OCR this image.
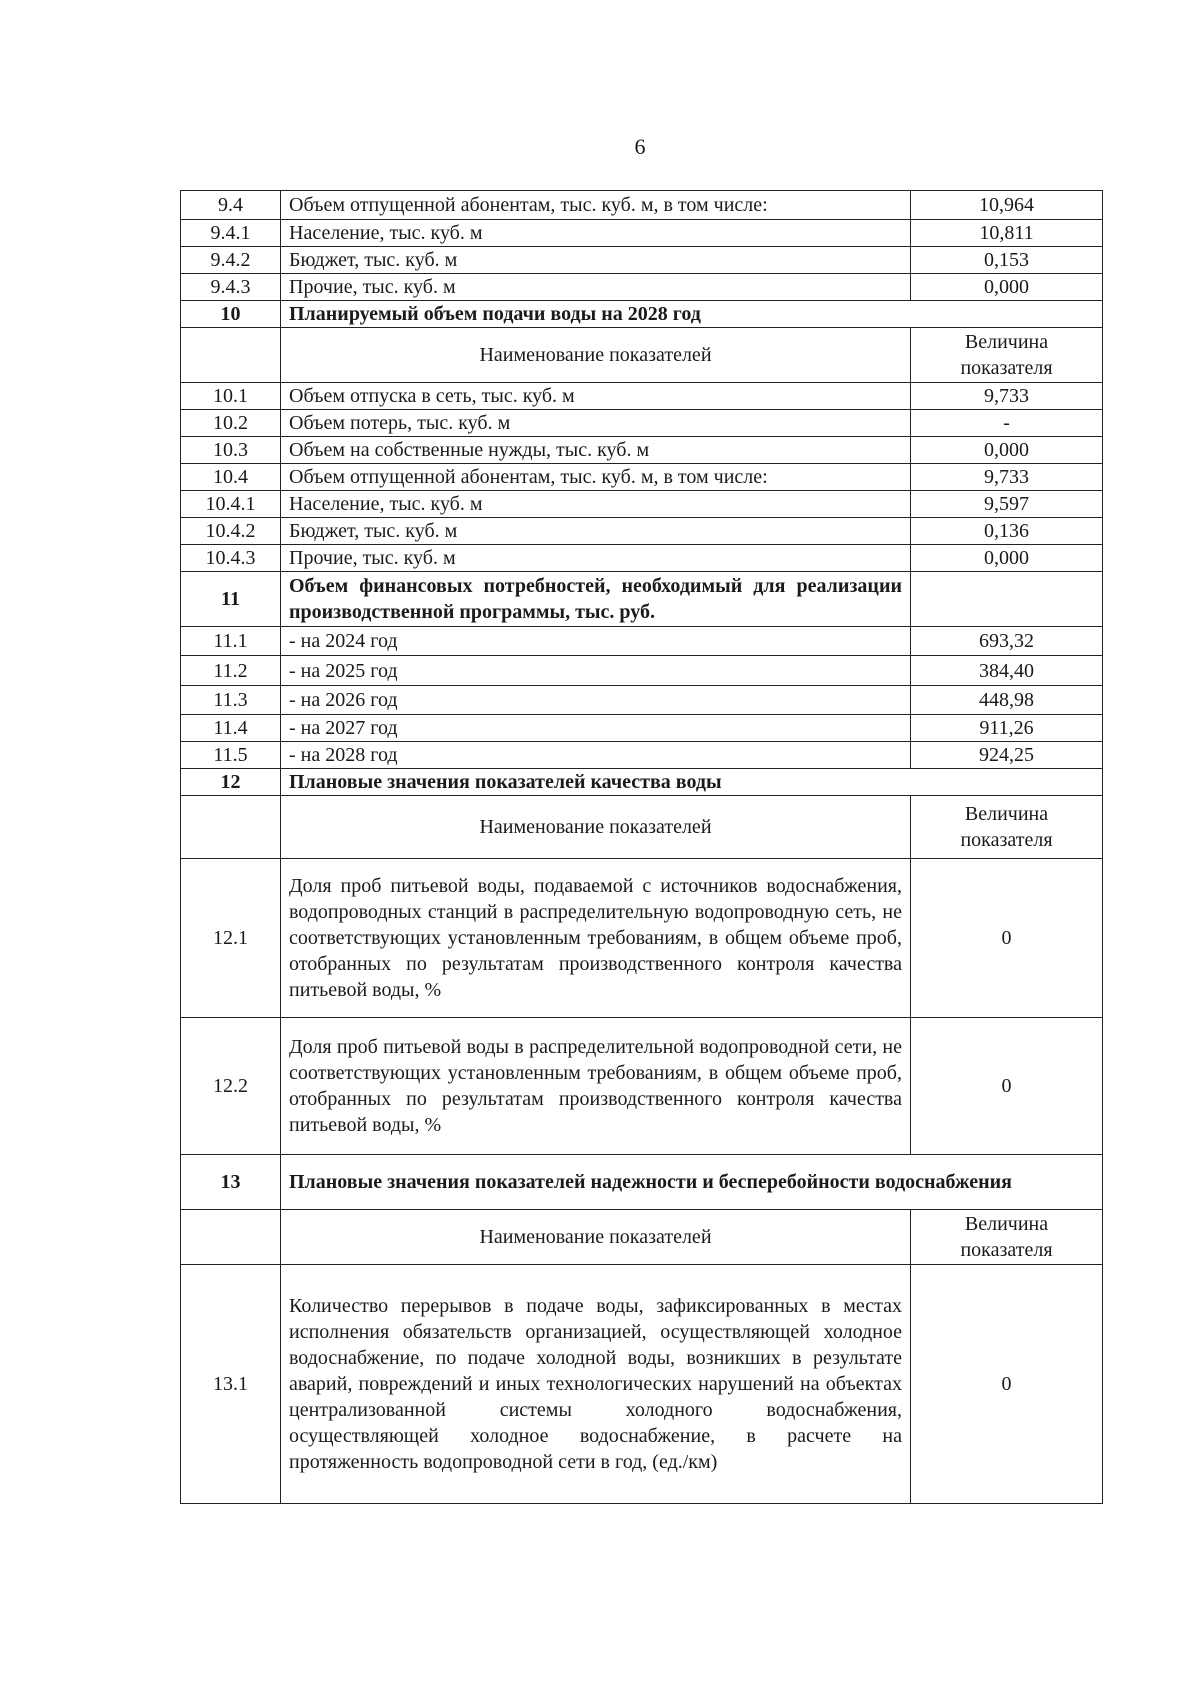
6
9.4	Объем отпущенной абонентам, тыс. куб. м, в том числе:	10,964
9.4.1	Население, тыс. куб. м	10,811
9.4.2	Бюджет, тыс. куб. м	0,153
9.4.3	Прочие, тыс. куб. м	0,000
10	Планируемый объем подачи воды на 2028 год	
	Наименование показателей	Величина показателя
10.1	Объем отпуска в сеть, тыс. куб. м	9,733
10.2	Объем потерь, тыс. куб. м	-
10.3	Объем на собственные нужды, тыс. куб. м	0,000
10.4	Объем отпущенной абонентам, тыс. куб. м, в том числе:	9,733
10.4.1	Население, тыс. куб. м	9,597
10.4.2	Бюджет, тыс. куб. м	0,136
10.4.3	Прочие, тыс. куб. м	0,000
11	Объем финансовых потребностей, необходимый для реализации производственной программы, тыс. руб.	
11.1	- на 2024 год	693,32
11.2	- на 2025 год	384,40
11.3	- на 2026 год	448,98
11.4	- на 2027 год	911,26
11.5	- на 2028 год	924,25
12	Плановые значения показателей качества воды	
	Наименование показателей	Величина показателя
12.1	Доля проб питьевой воды, подаваемой с источников водоснабжения, водопроводных станций в распределительную водопроводную сеть, не соответствующих установленным требованиям, в общем объеме проб, отобранных по результатам производственного контроля качества питьевой воды, %	0
12.2	Доля проб питьевой воды в распределительной водопроводной сети, не соответствующих установленным требованиям, в общем объеме проб, отобранных по результатам производственного контроля качества питьевой воды, %	0
13	Плановые значения показателей надежности и бесперебойности водоснабжения	
	Наименование показателей	Величина показателя
13.1	Количество перерывов в подаче воды, зафиксированных в местах исполнения обязательств организацией, осуществляющей холодное водоснабжение, по подаче холодной воды, возникших в результате аварий, повреждений и иных технологических нарушений на объектах централизованной системы холодного водоснабжения, осуществляющей холодное водоснабжение, в расчете на протяженность водопроводной сети в год, (ед./км)	0
